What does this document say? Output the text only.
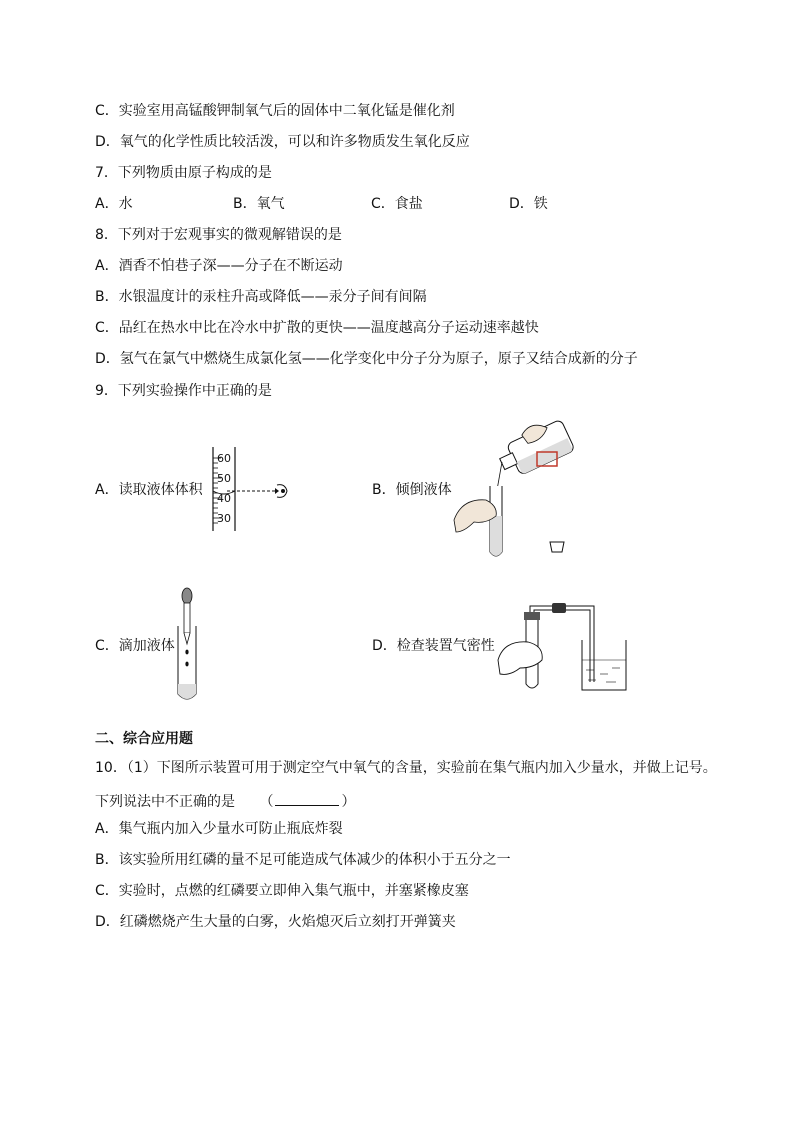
C．实验室用高锰酸钾制氧气后的固体中二氧化锰是催化剂
D．氧气的化学性质比较活泼，可以和许多物质发生氧化反应
7．下列物质由原子构成的是
A．水	B．氧气	C．食盐	D．铁
8．下列对于宏观事实的微观解错误的是
A．酒香不怕巷子深——分子在不断运动
B．水银温度计的汞柱升高或降低——汞分子间有间隔
C．品红在热水中比在冷水中扩散的更快——温度越高分子运动速率越快
D．氢气在氯气中燃烧生成氯化氢——化学变化中分子分为原子，原子又结合成新的分子
9．下列实验操作中正确的是
A．读取液体体积
60
50
40
30
B．倾倒液体
C．滴加液体	D．检查装置气密性
二、综合应用题
10．（1）下图所示装置可用于测定空气中氧气的含量，实验前在集气瓶内加入少量水，并做上记号。
下列说法中不正确的是 （	）
A．集气瓶内加入少量水可防止瓶底炸裂
B．该实验所用红磷的量不足可能造成气体减少的体积小于五分之一
C．实验时，点燃的红磷要立即伸入集气瓶中，并塞紧橡皮塞
D．红磷燃烧产生大量的白雾，火焰熄灭后立刻打开弹簧夹
